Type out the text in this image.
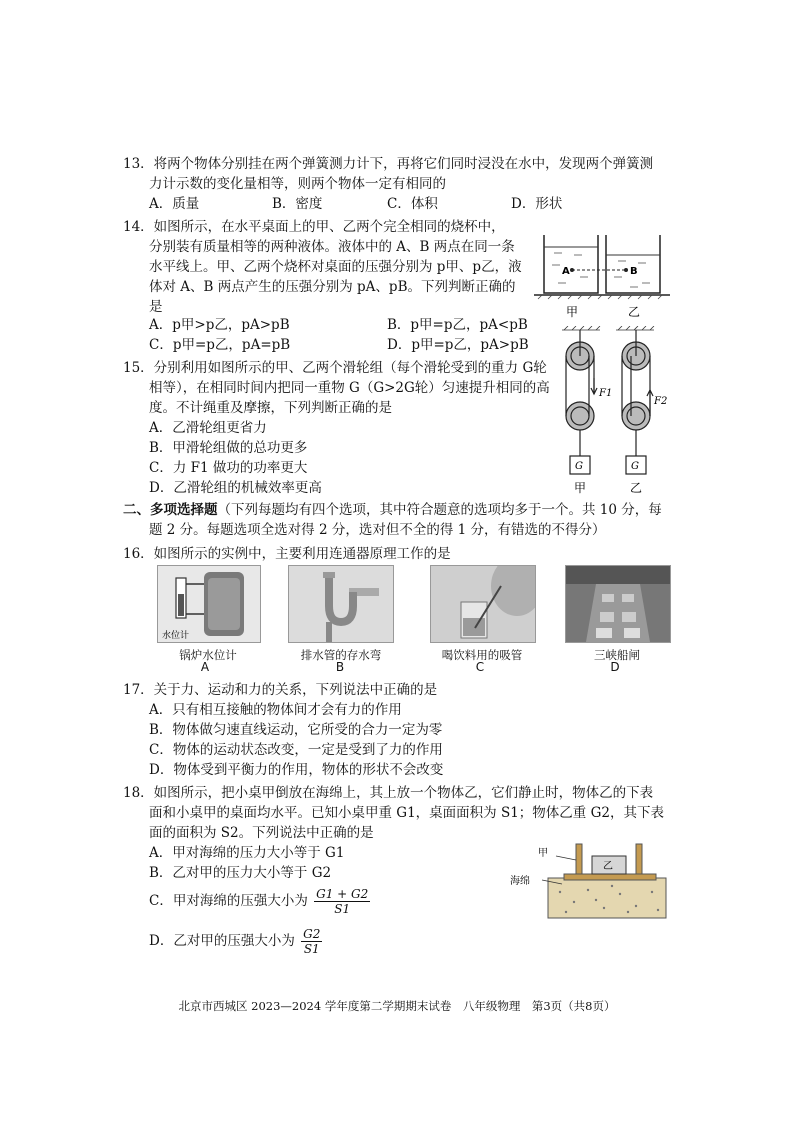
13．将两个物体分别挂在两个弹簧测力计下，再将它们同时浸没在水中，发现两个弹簧测
力计示数的变化量相等，则两个物体一定有相同的
A．质量	B．密度	C．体积	D．形状
14．如图所示，在水平桌面上的甲、乙两个完全相同的烧杯中，
分别装有质量相等的两种液体。液体中的 A、B 两点在同一条
水平线上。甲、乙两个烧杯对桌面的压强分别为 p甲、p乙，液
体对 A、B 两点产生的压强分别为 pA、pB。下列判断正确的
是
A．p甲>p乙，pA>pB	B．p甲=p乙，pA<pB
C．p甲=p乙，pA=pB	D．p甲=p乙，pA>pB
A	B
甲	乙
15．分别利用如图所示的甲、乙两个滑轮组（每个滑轮受到的重力 G轮
相等），在相同时间内把同一重物 G（G>2G轮）匀速提升相同的高
度。不计绳重及摩擦，下列判断正确的是
A．乙滑轮组更省力
B．甲滑轮组做的总功更多
C．力 F1 做功的功率更大
D．乙滑轮组的机械效率更高
F1
F2
G	G
甲	乙
二、多项选择题（下列每题均有四个选项，其中符合题意的选项均多于一个。共 10 分，每
题 2 分。每题选项全选对得 2 分，选对但不全的得 1 分，有错选的不得分）
16．如图所示的实例中，主要利用连通器原理工作的是
水位计
锅炉水位计
A
排水管的存水弯
B
喝饮料用的吸管
C
三峡船闸
D
17．关于力、运动和力的关系，下列说法中正确的是
A．只有相互接触的物体间才会有力的作用
B．物体做匀速直线运动，它所受的合力一定为零
C．物体的运动状态改变，一定是受到了力的作用
D．物体受到平衡力的作用，物体的形状不会改变
18．如图所示，把小桌甲倒放在海绵上，其上放一个物体乙，它们静止时，物体乙的下表
面和小桌甲的桌面均水平。已知小桌甲重 G1，桌面面积为 S1；物体乙重 G2，其下表
面的面积为 S2。下列说法中正确的是
A．甲对海绵的压力大小等于 G1
B．乙对甲的压力大小等于 G2
C．甲对海绵的压强大小为 $\frac{G1 + G2}{S1}$
D．乙对甲的压强大小为 $\frac{G2}{S1}$
甲
海绵
乙
北京市西城区 2023—2024 学年度第二学期期末试卷　八年级物理　第3页（共8页）
